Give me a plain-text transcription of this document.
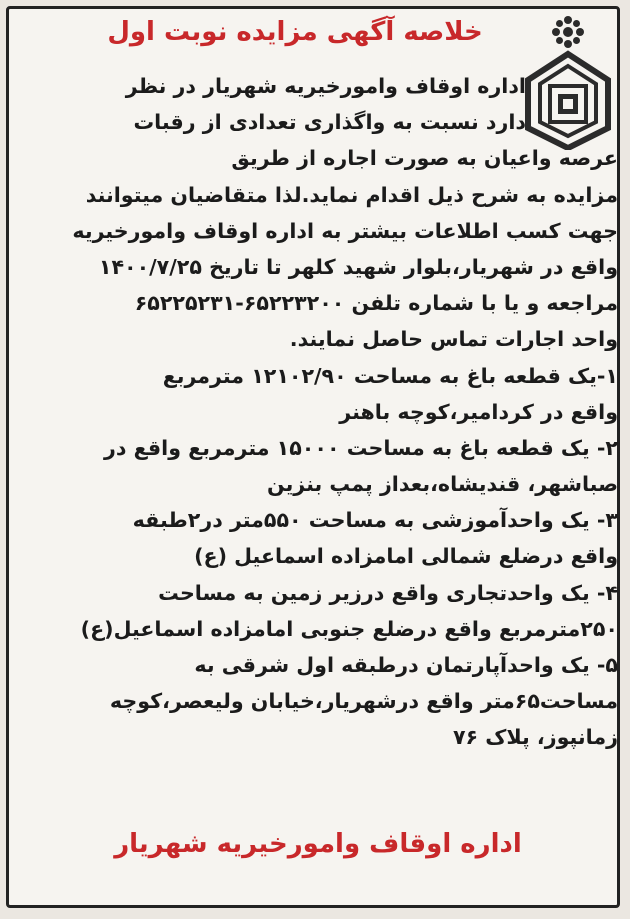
خلاصه آگهی مزایده نوبت اول
اداره اوقاف وامورخیریه شهریار در نظر
دارد نسبت به واگذاری تعدادی از رقبات
عرصه واعیان به صورت اجاره از طریق
مزایده به شرح ذیل اقدام نماید.لذا متقاضیان میتوانند
جهت کسب اطلاعات بیشتر به اداره اوقاف وامورخیریه
واقع در شهریار،بلوار شهید کلهر تا تاریخ ۱۴۰۰/۷/۲۵
مراجعه و یا با شماره تلفن ۶۵۲۲۳۲۰۰-۶۵۲۲۵۲۳۱
واحد اجارات تماس حاصل نمایند.
۱-یک قطعه باغ به مساحت ۱۲۱۰۲/۹۰ مترمربع
واقع در کردامیر،کوچه باهنر
۲- یک قطعه باغ به مساحت ۱۵۰۰۰ مترمربع واقع در
صباشهر، قندیشاه،بعداز پمپ بنزین
۳- یک واحدآموزشی به مساحت ۵۵۰متر در۲طبقه
واقع درضلع شمالی امامزاده اسماعیل (ع)
۴- یک واحدتجاری واقع درزیر زمین به مساحت
۲۵۰مترمربع واقع درضلع جنوبی امامزاده اسماعیل(ع)
۵- یک واحدآپارتمان درطبقه اول شرقی به
مساحت۶۵متر واقع درشهریار،خیابان ولیعصر،کوچه
زمانپوز، پلاک ۷۶
اداره اوقاف وامورخیریه شهریار
